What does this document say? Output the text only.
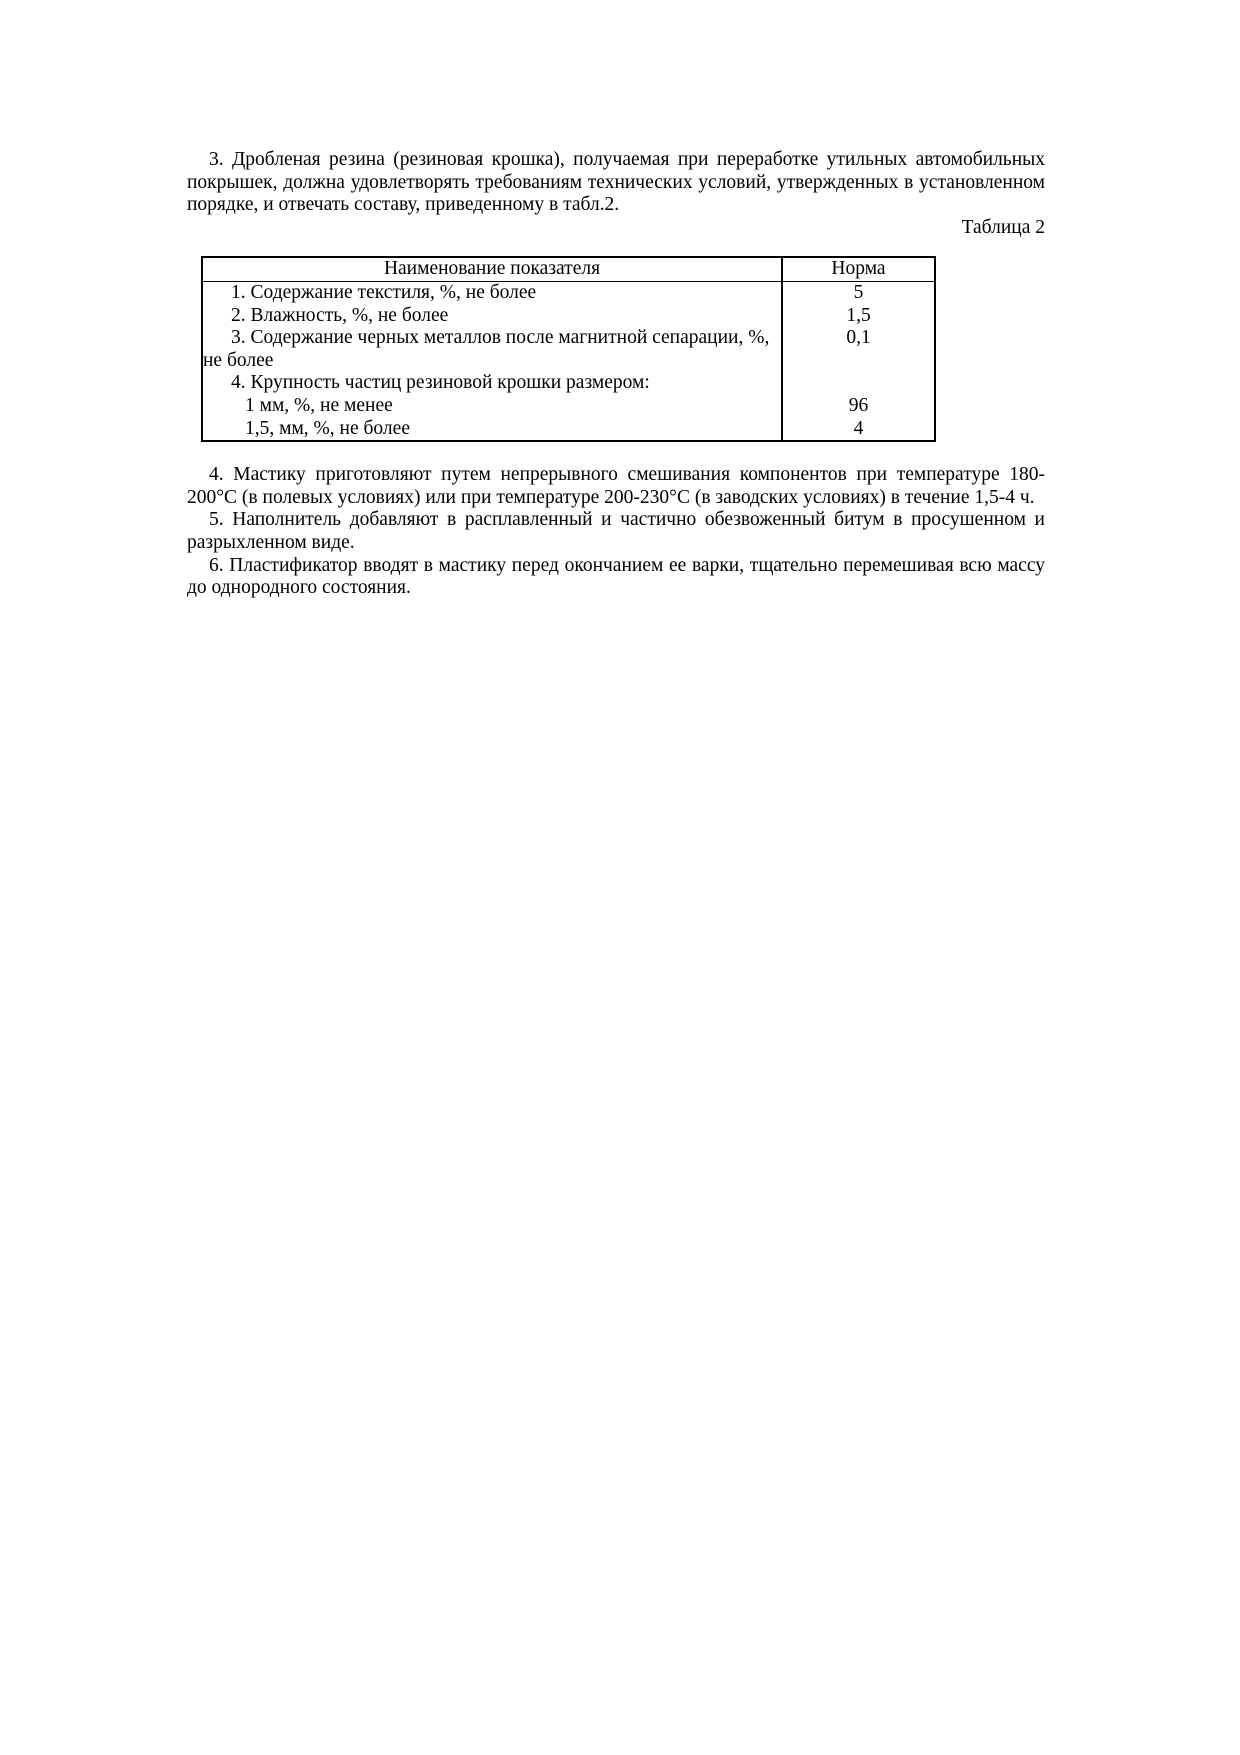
3. Дробленая резина (резиновая крошка), получаемая при переработке утильных автомобильных покрышек, должна удовлетворять требованиям технических условий, утвержденных в установленном порядке, и отвечать составу, приведенному в табл.2.

Таблица 2

Наименование показателя	Норма

1. Содержание текстиля, %, не более	5

2. Влажность, %, не более	1,5

3. Содержание черных металлов после магнитной сепарации, %, не более	0,1

4. Крупность частиц резиновой крошки размером:	

1 мм, %, не менее	96

1,5, мм, %, не более	4

4. Мастику приготовляют путем непрерывного смешивания компонентов при температуре 180-200°С (в полевых условиях) или при температуре 200-230°С (в заводских условиях) в течение 1,5-4 ч.

5. Наполнитель добавляют в расплавленный и частично обезвоженный битум в просушенном и разрыхленном виде.

6. Пластификатор вводят в мастику перед окончанием ее варки, тщательно перемешивая всю массу до однородного состояния.
